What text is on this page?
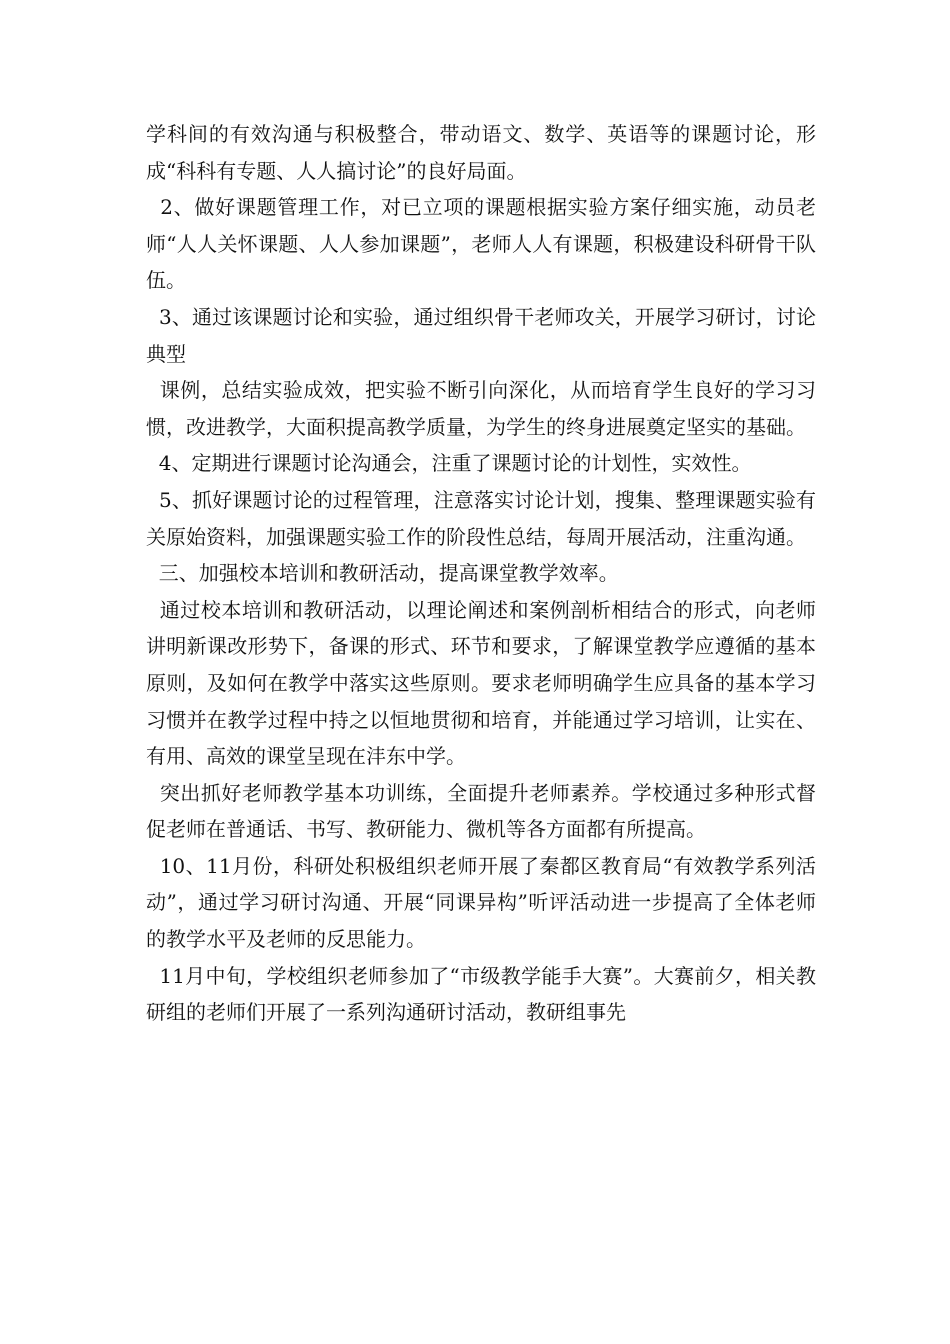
学科间的有效沟通与积极整合，带动语文、数学、英语等的课题讨论，形成“科科有专题、人人搞讨论”的良好局面。

2、做好课题管理工作，对已立项的课题根据实验方案仔细实施，动员老师“人人关怀课题、人人参加课题”，老师人人有课题，积极建设科研骨干队伍。

3、通过该课题讨论和实验，通过组织骨干老师攻关，开展学习研讨，讨论典型

课例，总结实验成效，把实验不断引向深化，从而培育学生良好的学习习惯，改进教学，大面积提高教学质量，为学生的终身进展奠定坚实的基础。

4、定期进行课题讨论沟通会，注重了课题讨论的计划性，实效性。

5、抓好课题讨论的过程管理，注意落实讨论计划，搜集、整理课题实验有关原始资料，加强课题实验工作的阶段性总结，每周开展活动，注重沟通。

三、加强校本培训和教研活动，提高课堂教学效率。

通过校本培训和教研活动，以理论阐述和案例剖析相结合的形式，向老师讲明新课改形势下，备课的形式、环节和要求，了解课堂教学应遵循的基本原则，及如何在教学中落实这些原则。要求老师明确学生应具备的基本学习习惯并在教学过程中持之以恒地贯彻和培育，并能通过学习培训，让实在、有用、高效的课堂呈现在沣东中学。

突出抓好老师教学基本功训练，全面提升老师素养。学校通过多种形式督促老师在普通话、书写、教研能力、微机等各方面都有所提高。

10、11月份，科研处积极组织老师开展了秦都区教育局“有效教学系列活动”，通过学习研讨沟通、开展“同课异构”听评活动进一步提高了全体老师的教学水平及老师的反思能力。

11月中旬，学校组织老师参加了“市级教学能手大赛”。大赛前夕，相关教研组的老师们开展了一系列沟通研讨活动，教研组事先
